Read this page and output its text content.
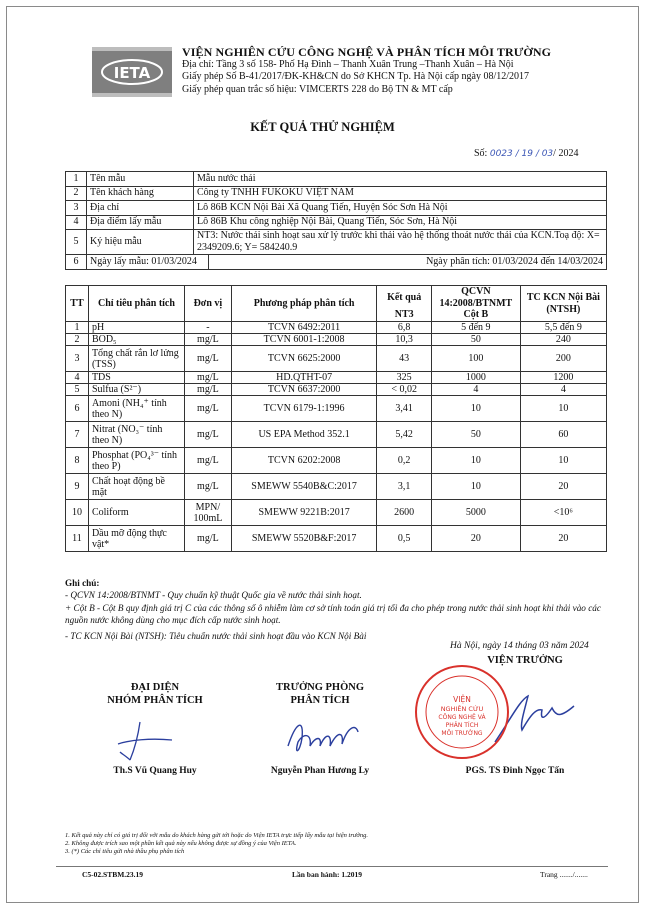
IETA
VIỆN NGHIÊN CỨU CÔNG NGHỆ VÀ PHÂN TÍCH MÔI TRƯỜNG
Địa chỉ: Tầng 3 số 158- Phố Hạ Đình – Thanh Xuân Trung –Thanh Xuân – Hà Nội
Giấy phép Số B-41/2017/ĐK-KH&CN do Sở KHCN Tp. Hà Nội cấp ngày 08/12/2017
Giấy phép quan trắc số hiệu: VIMCERTS 228 do Bộ TN & MT cấp
KẾT QUẢ THỬ NGHIỆM
Số: 0023 / 19 / 03/ 2024
1	Tên mẫu	Mẫu nước thải	
2	Tên khách hàng	Công ty TNHH FUKOKU VIỆT NAM	
3	Địa chỉ	Lô 86B KCN Nội Bài Xã Quang Tiến, Huyện Sóc Sơn Hà Nội	
4	Địa điểm lấy mẫu	Lô 86B Khu công nghiệp Nội Bài, Quang Tiến, Sóc Sơn, Hà Nội	
5	Ký hiệu mẫu	NT3: Nước thải sinh hoạt sau xử lý trước khi thải vào hệ thống thoát nước thải của KCN.Toạ độ: X= 2349209.6; Y= 584240.9	
6	Ngày lấy mẫu: 01/03/2024		Ngày phân tích: 01/03/2024 đến 14/03/2024
TT	Chỉ tiêu phân tích	Đơn vị	Phương pháp phân tích	Kết quả	QCVN 14:2008/BTNMT	TC KCN Nội Bài (NTSH)
				NT3	Cột B	
1	pH	-	TCVN 6492:2011	6,8	5 đến 9	5,5 đến 9
2	BOD₅	mg/L	TCVN 6001-1:2008	10,3	50	240
3	Tổng chất rắn lơ lửng (TSS)	mg/L	TCVN 6625:2000	43	100	200
4	TDS	mg/L	HD.QTHT-07	325	1000	1200
5	Sulfua (S²⁻)	mg/L	TCVN 6637:2000	< 0,02	4	4
6	Amoni (NH₄⁺ tính theo N)	mg/L	TCVN 6179-1:1996	3,41	10	10
7	Nitrat (NO₃⁻ tính theo N)	mg/L	US EPA Method 352.1	5,42	50	60
8	Phosphat (PO₄³⁻ tính theo P)	mg/L	TCVN 6202:2008	0,2	10	10
9	Chất hoạt động bề mặt	mg/L	SMEWW 5540B&C:2017	3,1	10	20
10	Coliform	MPN/ 100mL	SMEWW 9221B:2017	2600	5000	<10⁶
11	Dầu mỡ động thực vật*	mg/L	SMEWW 5520B&F:2017	0,5	20	20
Ghi chú:
- QCVN 14:2008/BTNMT - Quy chuẩn kỹ thuật Quốc gia về nước thải sinh hoạt.
+ Cột B - Cột B quy định giá trị C của các thông số ô nhiễm làm cơ sở tính toán giá trị tối đa cho phép trong nước thải sinh hoạt khi thải vào các nguồn nước không dùng cho mục đích cấp nước sinh hoạt.
- TC KCN Nội Bài (NTSH): Tiêu chuẩn nước thải sinh hoạt đầu vào KCN Nội Bài
Hà Nội, ngày 14 tháng 03 năm 2024
ĐẠI DIỆN
NHÓM PHÂN TÍCH
TRƯỞNG PHÒNG
PHÂN TÍCH
VIỆN TRƯỞNG
VIỆN
NGHIÊN CỨU
CÔNG NGHỆ VÀ
PHÂN TÍCH
MÔI TRƯỜNG
Th.S Vũ Quang Huy	Nguyễn Phan Hương Ly	PGS. TS Đinh Ngọc Tấn
1. Kết quả này chỉ có giá trị đối với mẫu do khách hàng gửi tới hoặc do Viện IETA trực tiếp lấy mẫu tại hiện trường.
2. Không được trích sao một phần kết quả này nếu không được sự đồng ý của Viện IETA.
3. (*) Các chỉ tiêu gửi nhà thầu phụ phân tích
C5-02.STBM.23.19	Lần ban hành: 1.2019	Trang ......./.......
